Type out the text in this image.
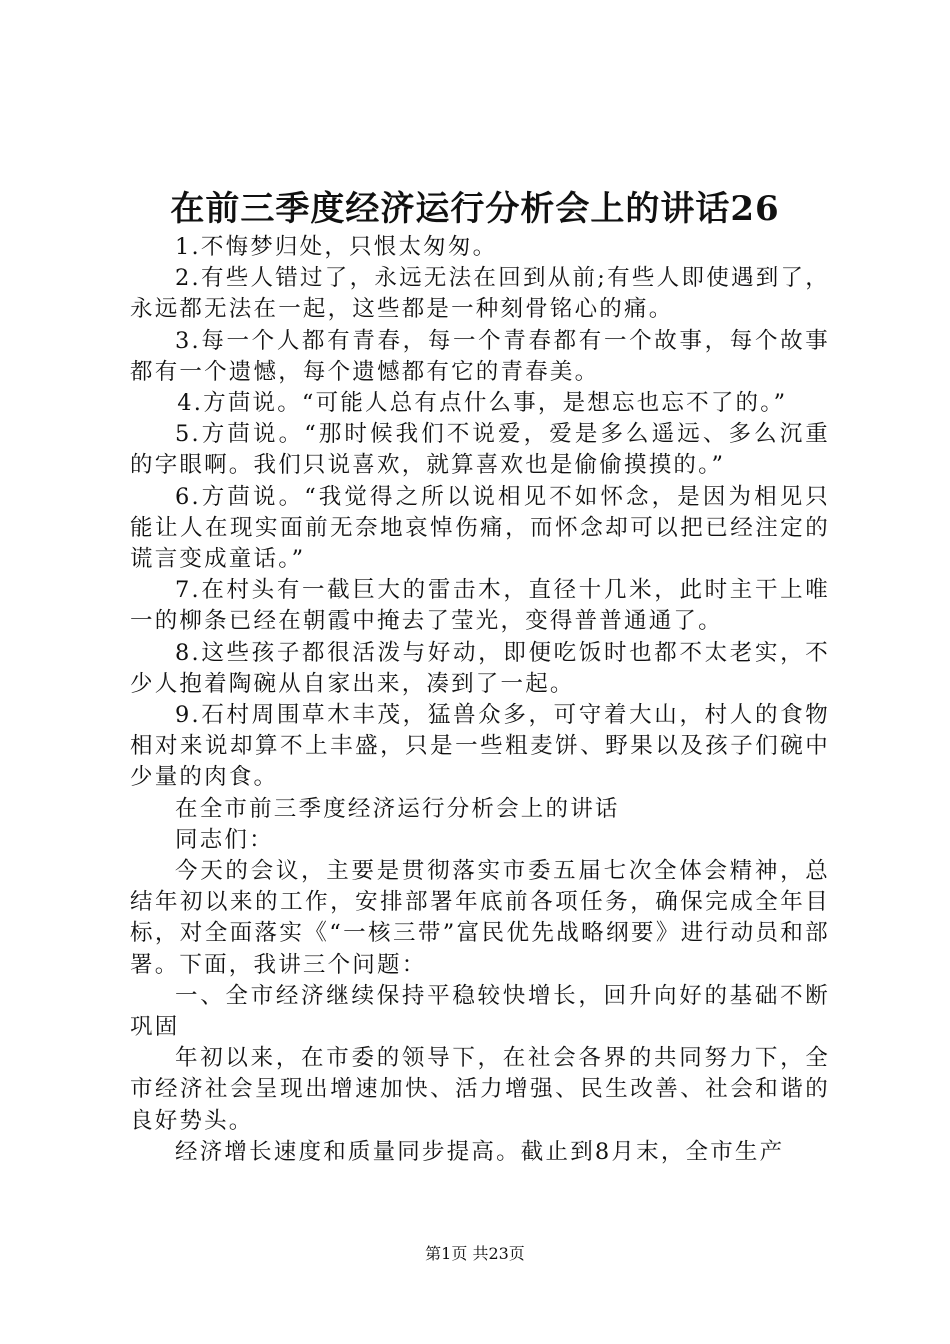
在前三季度经济运行分析会上的讲话26

1.不悔梦归处，只恨太匆匆。

2.有些人错过了，永远无法在回到从前;有些人即使遇到了，永远都无法在一起，这些都是一种刻骨铭心的痛。

3.每一个人都有青春，每一个青春都有一个故事，每个故事都有一个遗憾，每个遗憾都有它的青春美。

4.方茴说。“可能人总有点什么事，是想忘也忘不了的。”

5.方茴说。“那时候我们不说爱，爱是多么遥远、多么沉重的字眼啊。我们只说喜欢，就算喜欢也是偷偷摸摸的。”

6.方茴说。“我觉得之所以说相见不如怀念，是因为相见只能让人在现实面前无奈地哀悼伤痛，而怀念却可以把已经注定的谎言变成童话。”

7.在村头有一截巨大的雷击木，直径十几米，此时主干上唯一的柳条已经在朝霞中掩去了莹光，变得普普通通了。

8.这些孩子都很活泼与好动，即便吃饭时也都不太老实，不少人抱着陶碗从自家出来，凑到了一起。

9.石村周围草木丰茂，猛兽众多，可守着大山，村人的食物相对来说却算不上丰盛，只是一些粗麦饼、野果以及孩子们碗中少量的肉食。

在全市前三季度经济运行分析会上的讲话

同志们：

今天的会议，主要是贯彻落实市委五届七次全体会精神，总结年初以来的工作，安排部署年底前各项任务，确保完成全年目标，对全面落实《“一核三带”富民优先战略纲要》进行动员和部署。下面，我讲三个问题：

一、全市经济继续保持平稳较快增长，回升向好的基础不断巩固

年初以来，在市委的领导下，在社会各界的共同努力下，全市经济社会呈现出增速加快、活力增强、民生改善、社会和谐的良好势头。

经济增长速度和质量同步提高。截止到8月末，全市生产

第1页 共23页
